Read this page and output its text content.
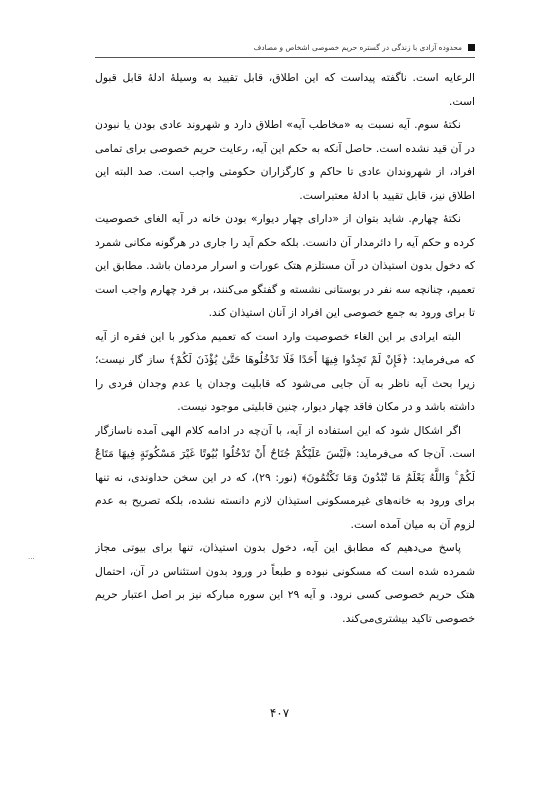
محدوده آزادی با زندگی در گستره حریم خصوصی اشخاص و مصادف

الرعایه است. ناگفته پیداست که این اطلاق، قابل تقیید به وسیلهٔ ادلهٔ قابل قبول است.

نکتهٔ سوم. آیه نسبت به «مخاطب آیه» اطلاق دارد و شهروند عادی بودن یا نبودن در آن قید نشده است. حاصل آنکه به حکم این آیه، رعایت حریم خصوصی برای تمامی افراد، از شهروندان عادی تا حاکم و کارگزاران حکومتی واجب است. صد البته این اطلاق نیز، قابل تقیید با ادلهٔ معتبراست.

نکتهٔ چهارم. شاید بتوان از «دارای چهار دیوار» بودن خانه در آیه الغای خصوصیت کرده و حکم آیه را دائرمدار آن دانست. بلکه حکم آید را جاری در هرگونه مکانی شمرد که دخول بدون استیذان در آن مستلزم هتک عورات و اسرار مردمان باشد. مطابق این تعمیم، چنانچه سه نفر در بوستانی نشسته و گفتگو می‌کنند، بر فرد چهارم واجب است تا برای ورود به جمع خصوصی این افراد از آنان استیذان کند.

البته ایرادی بر این الغاء خصوصیت وارد است که تعمیم مذکور با این فقره از آیه که می‌فرماید: ﴿فَإِنْ لَمْ تَجِدُوا فِيهَا أَحَدًا فَلَا تَدْخُلُوهَا حَتَّىٰ يُؤْذَنَ لَكُمْ﴾ ساز گار نیست؛ زیرا بحث آیه ناظر به آن جایی می‌شود که قابلیت وجدان یا عدم وجدان فردی را داشته باشد و در مکان فاقد چهار دیوار، چنین قابلیتی موجود نیست.

اگر اشکال شود که این استفاده از آیه، با آن‌چه در ادامه کلام الهی آمده ناسازگار است. آن‌جا که می‌فرماید: ﴿لَيْسَ عَلَيْكُمْ جُنَاحٌ أَنْ تَدْخُلُوا بُيُوتًا غَيْرَ مَسْكُونَةٍ فِيهَا مَتَاعٌ لَكُمْ ۚ وَاللَّهُ يَعْلَمُ مَا تُبْدُونَ وَمَا تَكْتُمُونَ﴾ (نور: ۲۹)، که در این سخن حداوندی، نه تنها برای ورود به خانه‌های غیرمسکونی استیذان لازم دانسته نشده، بلکه تصریح به عدم لزوم آن به میان آمده است.

پاسخ می‌دهیم که مطابق این آیه، دخول بدون استیذان، تنها برای بیوتی مجاز شمرده شده است که مسکونی نبوده و طبعاً در ورود بدون استئناس در آن، احتمال هتک حریم خصوصی کسی نرود. و آیه ۲۹ این سوره مبارکه نیز بر اصل اعتبار حریم خصوصی تاکید بیشتری‌می‌کند.

...
۴۰۷
